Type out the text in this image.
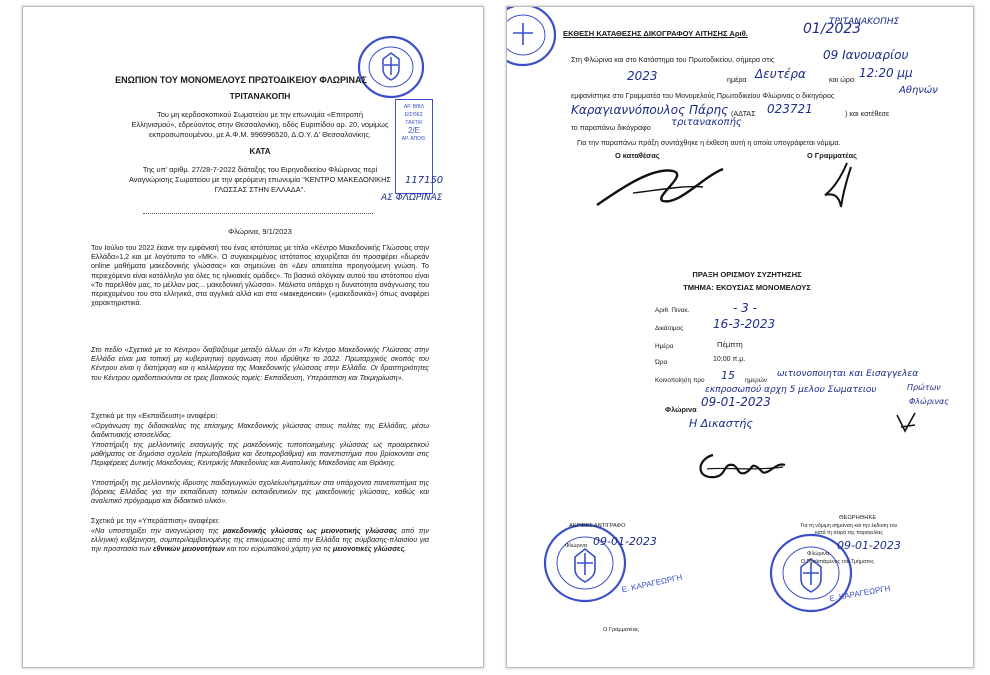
ΕΝΩΠΙΟΝ ΤΟΥ ΜΟΝΟΜΕΛΟΥΣ ΠΡΩΤΟΔΙΚΕΙΟΥ ΦΛΩΡΙΝΑΣ
ΤΡΙΤΑΝΑΚΟΠΗ
Του μη κερδοσκοπικού Σωματείου με την επωνυμία «Επιτροπή
Ελληνισμού», εδρεύοντος στην Θεσσαλονίκη, οδός Ευριπίδου αρ. 20, νομίμως
εκπροσωπουμένου, με Α.Φ.Μ. 996996520, Δ.Ο.Υ. Δ' Θεσσαλονίκης.
ΚΑΤΑ
Της υπ' αριθμ. 27/28-7-2022 διάταξης του Ειρηνοδικείου Φλώρινας περί
Αναγνώρισης Σωματείου με την φερόμενη επωνυμία "ΚΕΝΤΡΟ ΜΑΚΕΔΟΝΙΚΗΣ
ΓΛΩΣΣΑΣ ΣΤΗΝ ΕΛΛΑΔΑ".
ΑΡ. ΒΙΒΛ
ΕΙΣΘΕΣ
ΤΑΚΤΙΚ
2/Ε
ΑΡ. ΑΠΟΘ.
117150
ΑΣ ΦΛΩΡΙΝΑΣ
Φλώρινα, 9/1/2023
Τον Ιούλιο του 2022 έκανε την εμφάνισή του ένας ιστότοπος με τίτλο «Κέντρο Μακεδονικής Γλώσσας στην Ελλάδα»1,2 και με λογότυπο το «ΜΚ». Ο συγκεκριμένος ιστότοπος ισχυρίζεται ότι προσφέρει «δωρεάν online μαθήματα μακεδονικής γλώσσας» και σημειώνει ότι «Δεν απαιτείται προηγούμενη γνώση. Το περιεχόμενο είναι κατάλληλο για όλες τις ηλικιακές ομάδες». Το βασικό σλόγκαν αυτού του ιστότοπου είναι «Το παρελθόν μας, το μέλλον μας... μακεδονική γλώσσα». Μάλιστα υπάρχει η δυνατότητα ανάγνωσης του περιεχομένου του στα ελληνικά, στα αγγλικά αλλά και στα «македонски» («μακεδονικά») όπως αναφέρει χαρακτηριστικά.
Στο πεδίο «Σχετικά με το Κέντρο» διαβάζουμε μεταξύ άλλων ότι «Το Κέντρο Μακεδονικής Γλώσσας στην Ελλάδα είναι μια τοπική μη κυβερνητική οργάνωση που ιδρύθηκε το 2022. Πρωταρχικός σκοπός του Κέντρου είναι η διατήρηση και η καλλιέργεια της Μακεδονικής γλώσσας στην Ελλάδα. Οι δραστηριότητες του Κέντρου ομαδοποιούνται σε τρεις βασικούς τομείς: Εκπαίδευση, Υπεράσπιση και Τεκμηρίωση».
Σχετικά με την «Εκπαίδευση» αναφέρει:
«Οργάνωση της διδασκαλίας της επίσημης Μακεδονικής γλώσσας στους πολίτες της Ελλάδας, μέσω διαδικτυακής ιστοσελίδας.
Υποστήριξη της μελλοντικής εισαγωγής της μακεδονικής τυποποιημένης γλώσσας ως προαιρετικού μαθήματος σε δημόσια σχολεία (πρωτοβάθμια και δευτεροβάθμια) και πανεπιστήμια που βρίσκονται στις Περιφέρειες Δυτικής Μακεδονίας, Κεντρικής Μακεδονίας και Ανατολικής Μακεδονίας και Θράκης.
Υποστήριξη της μελλοντικής ίδρυσης παιδαγωγικών σχολείων/τμημάτων στα υπάρχοντα πανεπιστήμια της βόρειας Ελλάδας για την εκπαίδευση τοπικών εκπαιδευτικών της μακεδονικής γλώσσας, καθώς και αναλυτικό πρόγραμμα και διδακτικό υλικό».
Σχετικά με την «Υπεράσπιση» αναφέρει:
«Να υποστηρίξει την αναγνώριση της μακεδονικής γλώσσας ως μειονοτικής γλώσσας από την ελληνική κυβέρνηση, συμπεριλαμβανομένης της επικύρωσης από την Ελλάδα της σύμβασης-πλαισίου για την προστασία των εθνικών μειονοτήτων και του ευρωπαϊκού χάρτη για τις μειονοτικές γλώσσες.
ΤΡΙΤΑΝΑΚΟΠΗΣ
ΕΚΘΕΣΗ ΚΑΤΑΘΕΣΗΣ ΔΙΚΟΓΡΑΦΟΥ ΑΙΤΗΣΗΣ Αριθ.	01/2023
Στη Φλώρινα και στο Κατάστημα του Πρωτοδικείου, σήμερα στις	09 Ιανουαρίου
2023	ημέρα Δευτέρα	και ώρα 12:20 μμ
εμφανίστηκε στο Γραμματέα του Μονομελούς Πρωτοδικείου Φλώρινας ο δικηγόρος	Αθηνών
Καραγιαννόπουλος Πάρης (ΑΔΤΑΣ 023721	) και κατέθεσε
το παραπάνω δικόγραφο τριτανακοπής
Για την παραπάνω πράξη συντάχθηκε η έκθεση αυτή η οποία υπογράφεται νόμιμα.
Ο καταθέσας	Ο Γραμματέας
ΠΡΑΞΗ ΟΡΙΣΜΟΥ ΣΥΖΗΤΗΣΗΣ
ΤΜΗΜΑ: ΕΚΟΥΣΙΑΣ ΜΟΝΟΜΕΛΟΥΣ
Αριθ. Πινακ.	- 3 -
Δικάσιμος 16-3-2023
Ημέρα	Πέμπτη
Ώρα	10:00 π.μ.
Κοινοποίηση προ 15 ημερών
ωιτιονοποιηται και Εισαγγελεα
εκπροσωπού αρχη 5 μελου Σωματειου	Πρώτων
Φλώρινας
Φλώρινα
09-01-2023
Η Δικαστής
ΑΚΡΙΒΕΣ ΑΝΤΙΓΡΑΦΟ
Φλώρινα 09-01-2023
Ο Γραμματέας
Ε. ΚΑΡΑΓΕΩΡΓΗ
ΘΕΩΡΗΘΗΚΕ
Για τη νόμιμη σήμανση και την έκδοση του
κατά τη σειρά της παραγελίας
Φλώρινα
09-01-2023
Ο Προϊστάμενος του Τμήματος
Ε. ΚΑΡΑΓΕΩΡΓΗ
